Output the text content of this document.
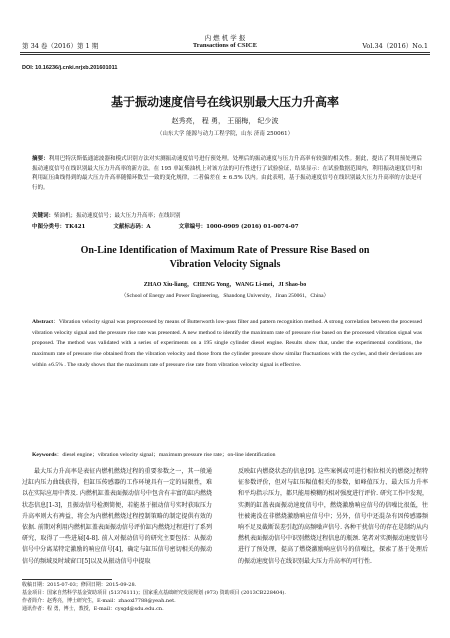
第 34 卷（2016）第 1 期
内 燃 机 学 报
Transactions of CSICE	Vol.34（2016）No.1
DOI: 10.16236/j.cnki.nrjxb.201601011
基于振动速度信号在线识别最大压力升高率
赵秀亮， 程 勇， 王丽梅， 纪少波
（山东大学 能源与动力工程学院，山东 济南 250061）
摘要：利用巴特沃斯低通滤波器和模式识别方法对实测振动速度信号进行预处理。处理后的振动速度与压力升高率有较强的相关性。据此，提出了利用预处理后振动速度信号在线识别最大压力升高率的新方法。在 195 单缸柴油机上对该方法的可行性进行了试验验证，结果显示：在试验数据范围内，利用振动速度信号和利用缸压曲线得到的最大压力升高率随循环数呈一致的变化规律，二者偏差在 ± 6.5% 以内。由此表明，基于振动速度信号在线识别最大压力升高率的方法是可行的。
关键词：柴油机；振动速度信号；最大压力升高率；在线识别
中图分类号：TK421	文献标志码：A	文章编号：1000-0909 (2016) 01-0074-07
On-Line Identification of Maximum Rate of Pressure Rise Based on
Vibration Velocity Signals
ZHAO Xiu-liang，CHENG Yong，WANG Li-mei，JI Shao-bo
（School of Energy and Power Engineering，Shandong University，Jinan 250061，China）
Abstract：Vibration velocity signal was preprocessed by means of Butterworth low-pass filter and pattern recognition method. A strong correlation between the processed vibration velocity signal and the pressure rise rate was presented. A new method to identify the maximum rate of pressure rise based on the processed vibration signal was proposed. The method was validated with a series of experiments on a 195 single cylinder diesel engine. Results show that, under the experimental conditions, the maximum rate of pressure rise obtained from the vibration velocity and those from the cylinder pressure show similar fluctuations with the cycles, and their deviations are within ±6.5% . The study shows that the maximum rate of pressure rise rate from vibration velocity signal is effective.
Keywords：diesel engine；vibration velocity signal；maximum pressure rise rate；on-line identification
最大压力升高率是表征内燃机燃烧过程的重要参数之一，其一般通过缸内压力曲线获得，但缸压传感器的工作环境具有一定的局限性，难以在实际应用中普及. 内燃机缸盖表面振动信号中包含有丰富的缸内燃烧状态信息[1-3]，且振动信号检测简便，若能基于振动信号实时获取压力升高率则大有裨益，将会为内燃机燃烧过程控制策略的制定提供有效的依据. 前期对利用内燃机缸盖表面振动信号评价缸内燃烧过程进行了系列研究，取得了一些进展[4-8]. 前人对振动信号的研究主要包括：从振动信号中分离某特定激励的响应信号[4]，确定与缸压信号密切相关的振动信号的频域及时域窗口[5]以及从振动信号中提取
反映缸内燃烧状态的信息[9]. 这些案例或可进行相位相关的燃烧过程特征参数评价，但对与缸压幅值相关的参数，如峰值压力、最大压力升率和平均指示压力，都只能用模糊的相对强度进行评价. 研究工作中发现，实测的缸盖表面振动速度信号中，燃烧激励响应信号的信噪比很低，往往被淹没在非燃烧激励响应信号中；另外，信号中还混杂有因传感器频响不足及截断误差引起的高频噪声信号. 各种干扰信号的存在是制约从内燃机表面振动信号中识别燃烧过程信息的瓶颈. 笔者对实测振动速度信号进行了预处理，提高了燃烧激励响应信号的信噪比，探索了基于处理后的振动速度信号在线识别最大压力升高率的可行性.
收稿日期：2015-07-03；修回日期：2015-09-28.
基金项目：国家自然科学基金资助项目 (51376111)；国家重点基础研究发展规划 (973) 资助项目 (2013CB228404).
作者简介：赵秀亮，博士研究生，E-mail：zhaoxl7788@yeah.net.
通讯作者：程 勇，博士，教授，E-mail：cysgd@sdu.edu.cn.
